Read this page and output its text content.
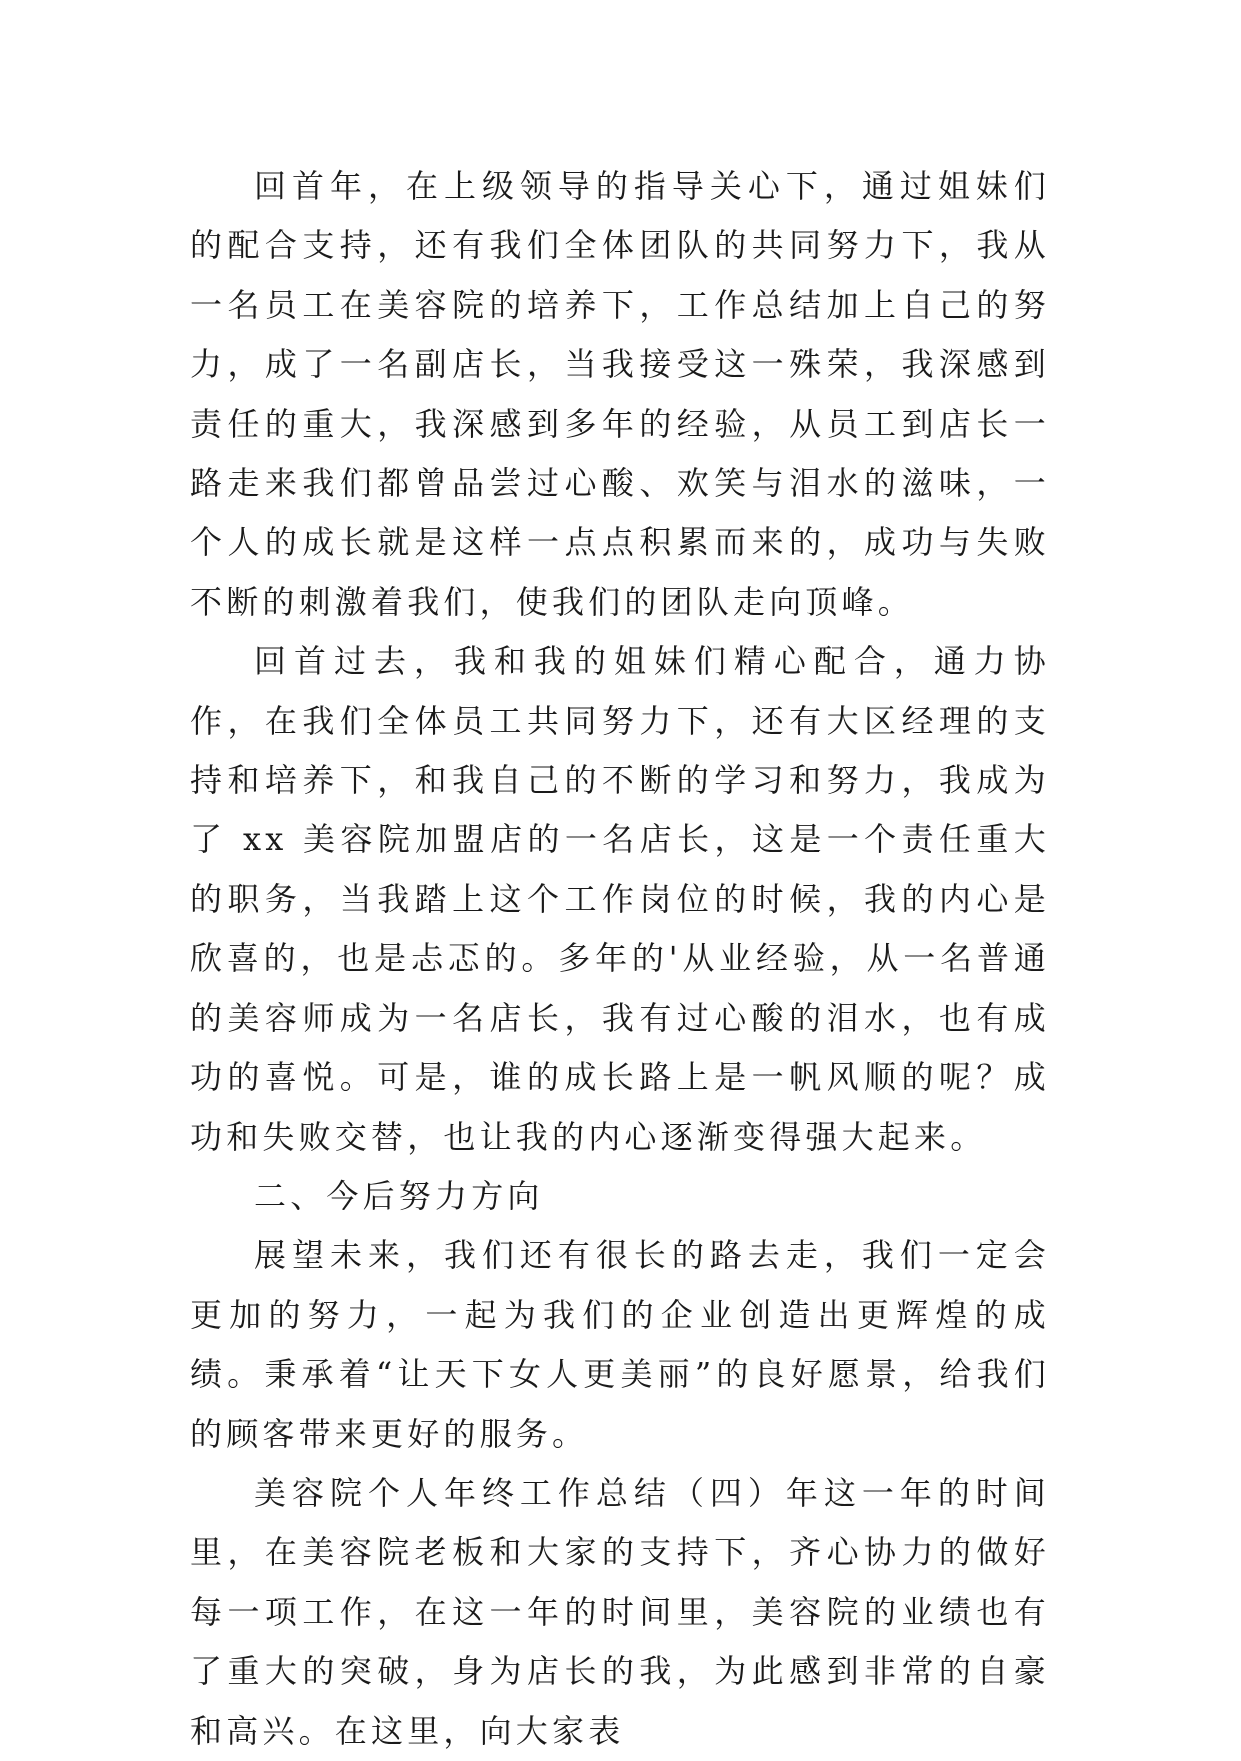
回首年，在上级领导的指导关心下，通过姐妹们的配合支持，还有我们全体团队的共同努力下，我从一名员工在美容院的培养下，工作总结加上自己的努力，成了一名副店长，当我接受这一殊荣，我深感到责任的重大，我深感到多年的经验，从员工到店长一路走来我们都曾品尝过心酸、欢笑与泪水的滋味，一个人的成长就是这样一点点积累而来的，成功与失败不断的刺激着我们，使我们的团队走向顶峰。

回首过去，我和我的姐妹们精心配合，通力协作，在我们全体员工共同努力下，还有大区经理的支持和培养下，和我自己的不断的学习和努力，我成为了 xx 美容院加盟店的一名店长，这是一个责任重大的职务，当我踏上这个工作岗位的时候，我的内心是欣喜的，也是忐忑的。多年的'从业经验，从一名普通的美容师成为一名店长，我有过心酸的泪水，也有成功的喜悦。可是，谁的成长路上是一帆风顺的呢？成功和失败交替，也让我的内心逐渐变得强大起来。

二、今后努力方向

展望未来，我们还有很长的路去走，我们一定会更加的努力，一起为我们的企业创造出更辉煌的成绩。秉承着“让天下女人更美丽”的良好愿景，给我们的顾客带来更好的服务。

美容院个人年终工作总结（四）年这一年的时间里，在美容院老板和大家的支持下，齐心协力的做好每一项工作，在这一年的时间里，美容院的业绩也有了重大的突破，身为店长的我，为此感到非常的自豪和高兴。在这里，向大家表
